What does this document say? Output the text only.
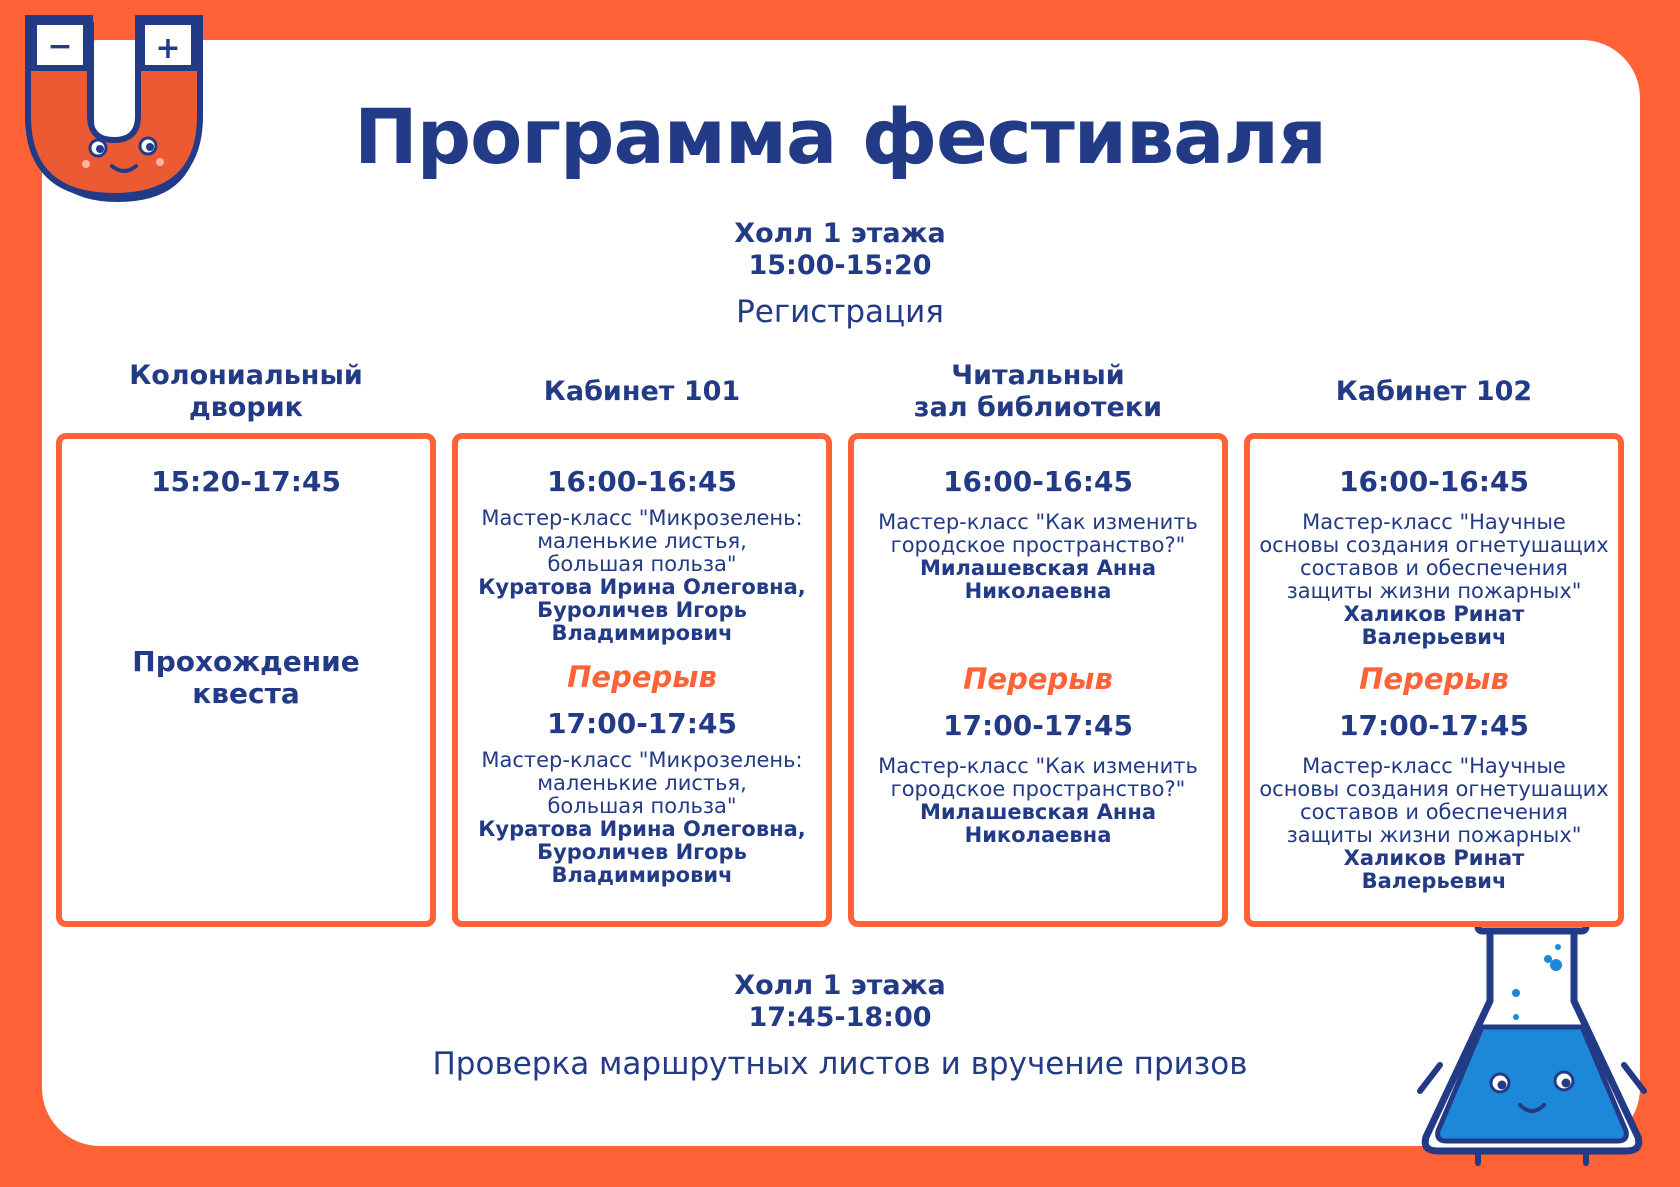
−	+
Программа фестиваля
Холл 1 этажа
15:00-15:20
Регистрация
Колониальный
дворик
Кабинет 101
Читальный
зал библиотеки
Кабинет 102
15:20-17:45
Прохождение
квеста
16:00-16:45
Мастер-класс "Микрозелень:
маленькие листья,
большая польза"
Куратова Ирина Олеговна,
Буроличев Игорь
Владимирович
Перерыв
17:00-17:45
Мастер-класс "Микрозелень:
маленькие листья,
большая польза"
Куратова Ирина Олеговна,
Буроличев Игорь
Владимирович
16:00-16:45
Мастер-класс "Как изменить
городское пространство?"
Милашевская Анна
Николаевна
Перерыв
17:00-17:45
Мастер-класс "Как изменить
городское пространство?"
Милашевская Анна
Николаевна
16:00-16:45
Мастер-класс "Научные
основы создания огнетушащих
составов и обеспечения
защиты жизни пожарных"
Халиков Ринат
Валерьевич
Перерыв
17:00-17:45
Мастер-класс "Научные
основы создания огнетушащих
составов и обеспечения
защиты жизни пожарных"
Халиков Ринат
Валерьевич
Холл 1 этажа
17:45-18:00
Проверка маршрутных листов и вручение призов
